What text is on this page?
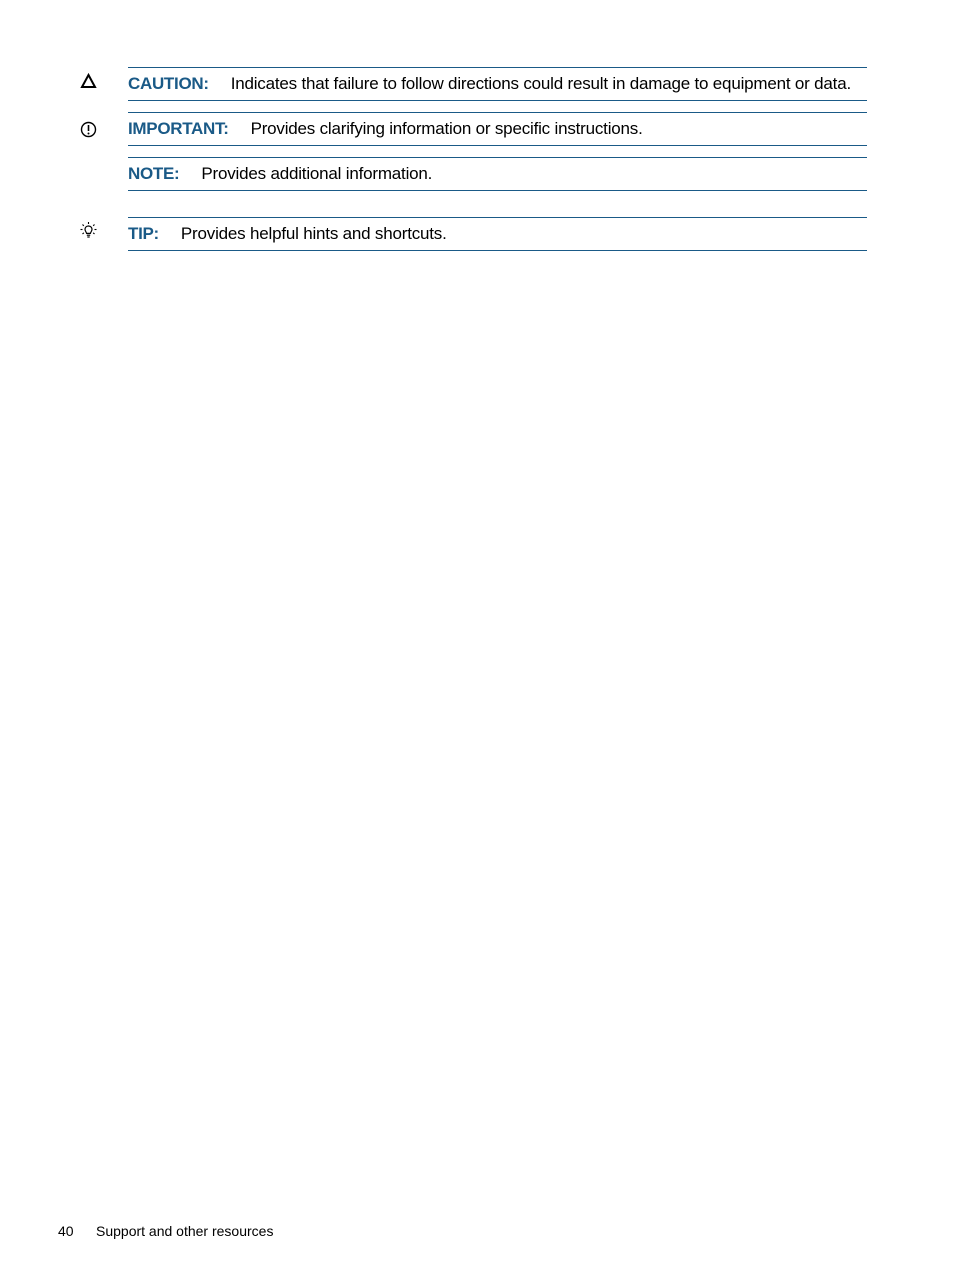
CAUTION: Indicates that failure to follow directions could result in damage to equipment or data.
IMPORTANT: Provides clarifying information or specific instructions.
NOTE: Provides additional information.
TIP: Provides helpful hints and shortcuts.
40 Support and other resources
